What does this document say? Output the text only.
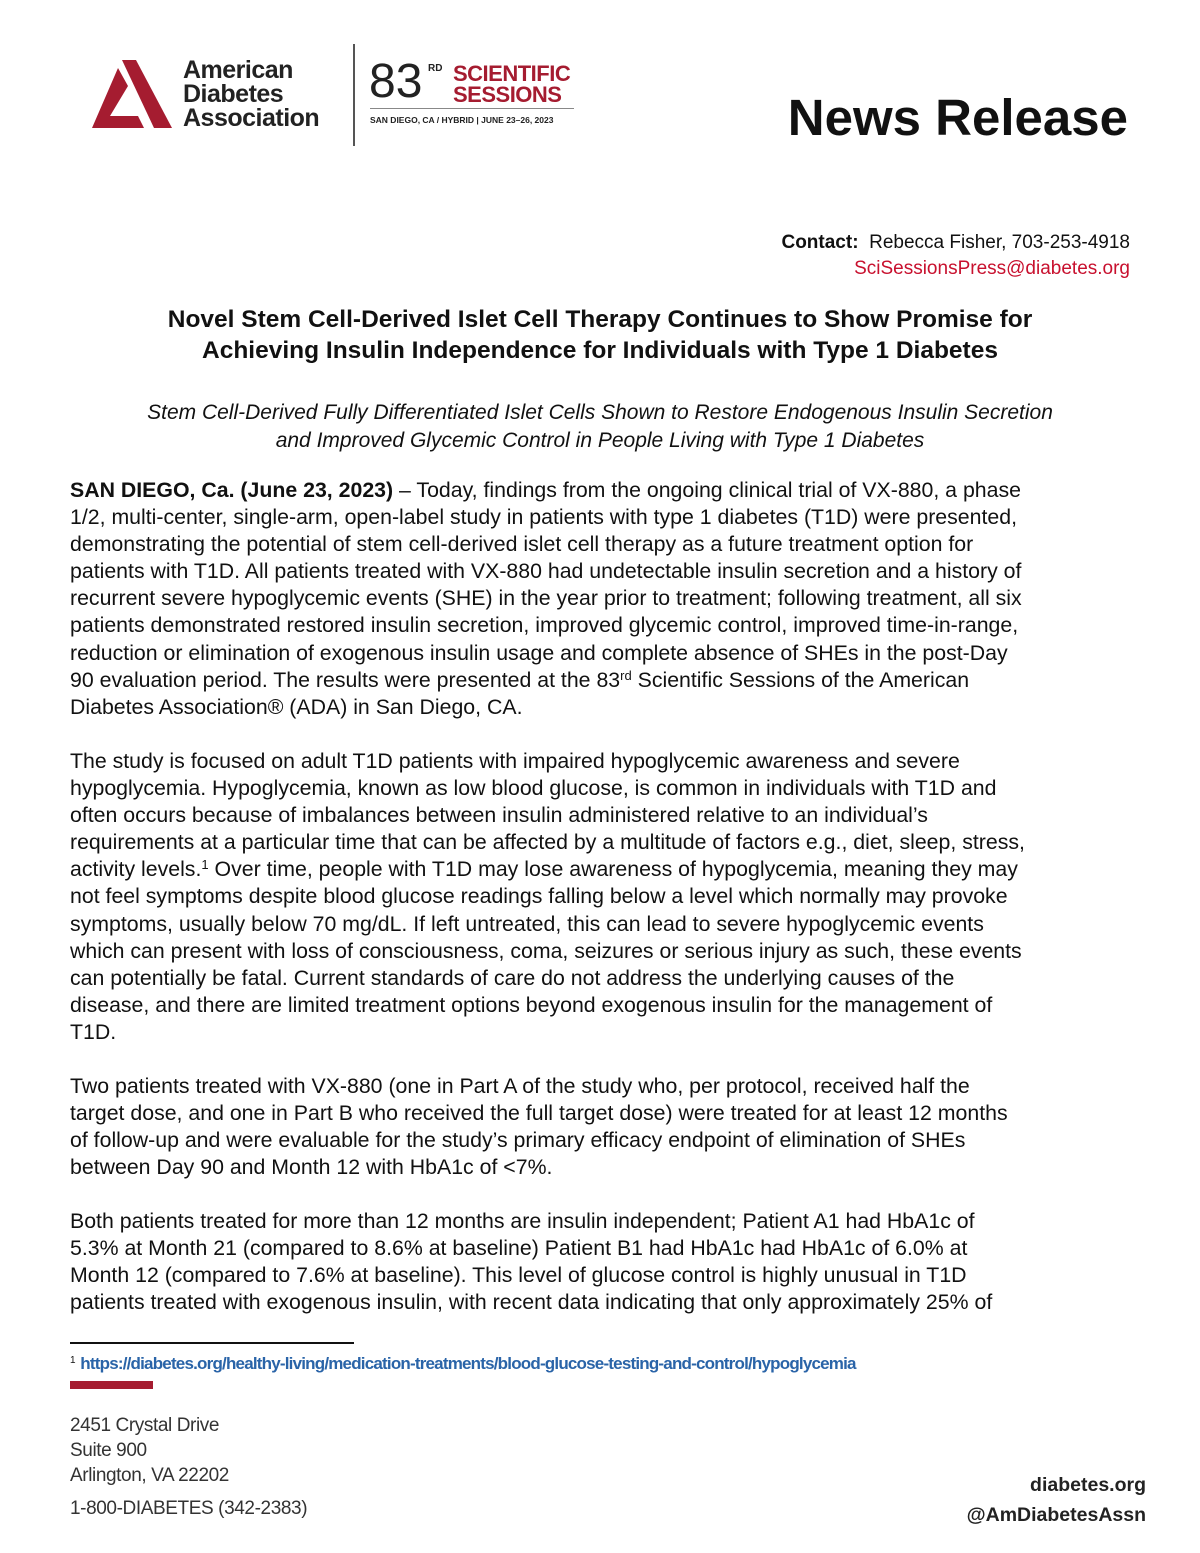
American
Diabetes
Association
83 RD SCIENTIFIC
SESSIONS
SAN DIEGO, CA / HYBRID | JUNE 23–26, 2023	News Release
Contact: Rebecca Fisher, 703-253-4918
SciSessionsPress@diabetes.org
Novel Stem Cell-Derived Islet Cell Therapy Continues to Show Promise for
Achieving Insulin Independence for Individuals with Type 1 Diabetes
Stem Cell-Derived Fully Differentiated Islet Cells Shown to Restore Endogenous Insulin Secretion
and Improved Glycemic Control in People Living with Type 1 Diabetes
SAN DIEGO, Ca. (June 23, 2023) – Today, findings from the ongoing clinical trial of VX-880, a phase
1/2, multi-center, single-arm, open-label study in patients with type 1 diabetes (T1D) were presented,
demonstrating the potential of stem cell-derived islet cell therapy as a future treatment option for
patients with T1D. All patients treated with VX-880 had undetectable insulin secretion and a history of
recurrent severe hypoglycemic events (SHE) in the year prior to treatment; following treatment, all six
patients demonstrated restored insulin secretion, improved glycemic control, improved time-in-range,
reduction or elimination of exogenous insulin usage and complete absence of SHEs in the post-Day
90 evaluation period. The results were presented at the 83rd Scientific Sessions of the American
Diabetes Association® (ADA) in San Diego, CA.
The study is focused on adult T1D patients with impaired hypoglycemic awareness and severe
hypoglycemia. Hypoglycemia, known as low blood glucose, is common in individuals with T1D and
often occurs because of imbalances between insulin administered relative to an individual’s
requirements at a particular time that can be affected by a multitude of factors e.g., diet, sleep, stress,
activity levels.$^1$ Over time, people with T1D may lose awareness of hypoglycemia, meaning they may
not feel symptoms despite blood glucose readings falling below a level which normally may provoke
symptoms, usually below 70 mg/dL. If left untreated, this can lead to severe hypoglycemic events
which can present with loss of consciousness, coma, seizures or serious injury as such, these events
can potentially be fatal. Current standards of care do not address the underlying causes of the
disease, and there are limited treatment options beyond exogenous insulin for the management of
T1D.
Two patients treated with VX-880 (one in Part A of the study who, per protocol, received half the
target dose, and one in Part B who received the full target dose) were treated for at least 12 months
of follow-up and were evaluable for the study’s primary efficacy endpoint of elimination of SHEs
between Day 90 and Month 12 with HbA1c of <7%.
Both patients treated for more than 12 months are insulin independent; Patient A1 had HbA1c of
5.3% at Month 21 (compared to 8.6% at baseline) Patient B1 had HbA1c had HbA1c of 6.0% at
Month 12 (compared to 7.6% at baseline). This level of glucose control is highly unusual in T1D
patients treated with exogenous insulin, with recent data indicating that only approximately 25% of
$^1$ https://diabetes.org/healthy-living/medication-treatments/blood-glucose-testing-and-control/hypoglycemia
2451 Crystal Drive
Suite 900
Arlington, VA 22202
1-800-DIABETES (342-2383)
diabetes.org
@AmDiabetesAssn
